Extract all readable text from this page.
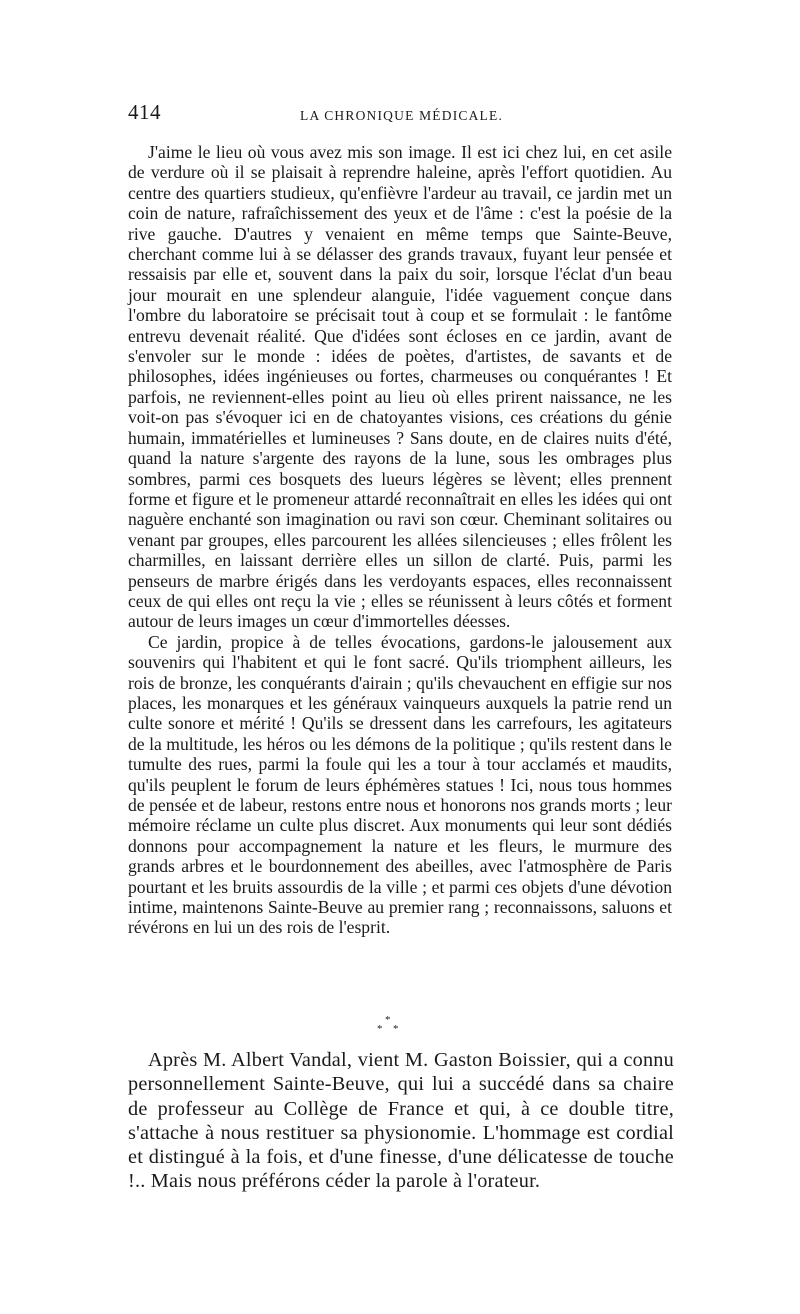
414	LA CHRONIQUE MÉDICALE.

J'aime le lieu où vous avez mis son image. Il est ici chez lui, en cet asile de verdure où il se plaisait à reprendre haleine, après l'effort quotidien. Au centre des quartiers studieux, qu'enfièvre l'ardeur au travail, ce jardin met un coin de nature, rafraîchissement des yeux et de l'âme : c'est la poésie de la rive gauche. D'autres y venaient en même temps que Sainte-Beuve, cherchant comme lui à se délasser des grands travaux, fuyant leur pensée et ressaisis par elle et, souvent dans la paix du soir, lorsque l'éclat d'un beau jour mourait en une splendeur alanguie, l'idée vaguement conçue dans l'ombre du laboratoire se précisait tout à coup et se formulait : le fantôme entrevu devenait réalité. Que d'idées sont écloses en ce jardin, avant de s'envoler sur le monde : idées de poètes, d'artistes, de savants et de philosophes, idées ingénieuses ou fortes, charmeuses ou conquérantes ! Et parfois, ne reviennent-elles point au lieu où elles prirent naissance, ne les voit-on pas s'évoquer ici en de chatoyantes visions, ces créations du génie humain, immatérielles et lumineuses ? Sans doute, en de claires nuits d'été, quand la nature s'argente des rayons de la lune, sous les ombrages plus sombres, parmi ces bosquets des lueurs légères se lèvent; elles prennent forme et figure et le promeneur attardé reconnaîtrait en elles les idées qui ont naguère enchanté son imagination ou ravi son cœur. Cheminant solitaires ou venant par groupes, elles parcourent les allées silencieuses ; elles frôlent les charmilles, en laissant derrière elles un sillon de clarté. Puis, parmi les penseurs de marbre érigés dans les verdoyants espaces, elles reconnaissent ceux de qui elles ont reçu la vie ; elles se réunissent à leurs côtés et forment autour de leurs images un cœur d'immortelles déesses.

Ce jardin, propice à de telles évocations, gardons-le jalousement aux souvenirs qui l'habitent et qui le font sacré. Qu'ils triomphent ailleurs, les rois de bronze, les conquérants d'airain ; qu'ils chevauchent en effigie sur nos places, les monarques et les généraux vainqueurs auxquels la patrie rend un culte sonore et mérité ! Qu'ils se dressent dans les carrefours, les agitateurs de la multitude, les héros ou les démons de la politique ; qu'ils restent dans le tumulte des rues, parmi la foule qui les a tour à tour acclamés et maudits, qu'ils peuplent le forum de leurs éphémères statues ! Ici, nous tous hommes de pensée et de labeur, restons entre nous et honorons nos grands morts ; leur mémoire réclame un culte plus discret. Aux monuments qui leur sont dédiés donnons pour accompagnement la nature et les fleurs, le murmure des grands arbres et le bourdonnement des abeilles, avec l'atmosphère de Paris pourtant et les bruits assourdis de la ville ; et parmi ces objets d'une dévotion intime, maintenons Sainte-Beuve au premier rang ; reconnaissons, saluons et révérons en lui un des rois de l'esprit.

*
* *

Après M. Albert Vandal, vient M. Gaston Boissier, qui a connu personnellement Sainte-Beuve, qui lui a succédé dans sa chaire de professeur au Collège de France et qui, à ce double titre, s'attache à nous restituer sa physionomie. L'hommage est cordial et distingué à la fois, et d'une finesse, d'une délicatesse de touche !.. Mais nous préférons céder la parole à l'orateur.
